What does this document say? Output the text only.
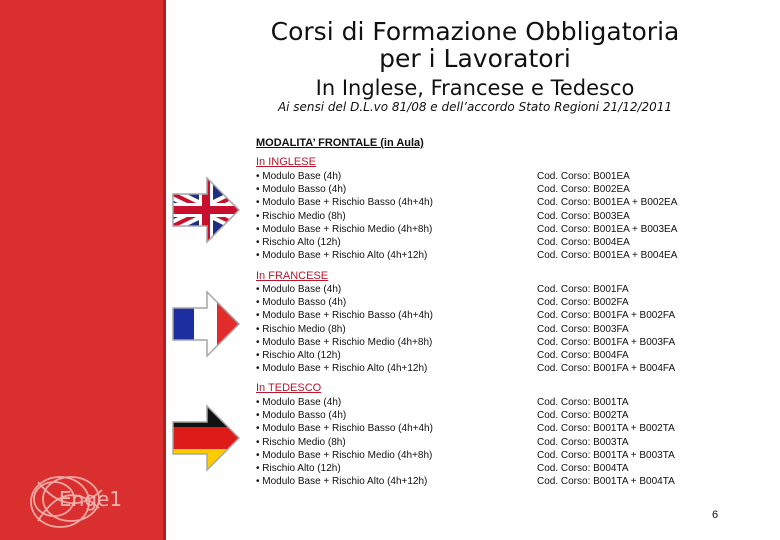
Enge1
Corsi di Formazione Obbligatoria
per i Lavoratori
In Inglese, Francese e Tedesco
Ai sensi del D.L.vo 81/08 e dell’accordo Stato Regioni 21/12/2011
MODALITA’ FRONTALE (in Aula)
In INGLESE
• Modulo Base (4h)
• Modulo Basso (4h)
• Modulo Base + Rischio Basso (4h+4h)
• Rischio Medio (8h)
• Modulo Base + Rischio Medio (4h+8h)
• Rischio Alto (12h)
• Modulo Base + Rischio Alto (4h+12h)
Cod. Corso: B001EA
Cod. Corso: B002EA
Cod. Corso: B001EA + B002EA
Cod. Corso: B003EA
Cod. Corso: B001EA + B003EA
Cod. Corso: B004EA
Cod. Corso: B001EA + B004EA
In FRANCESE
• Modulo Base (4h)
• Modulo Basso (4h)
• Modulo Base + Rischio Basso (4h+4h)
• Rischio Medio (8h)
• Modulo Base + Rischio Medio (4h+8h)
• Rischio Alto (12h)
• Modulo Base + Rischio Alto (4h+12h)
Cod. Corso: B001FA
Cod. Corso: B002FA
Cod. Corso: B001FA + B002FA
Cod. Corso: B003FA
Cod. Corso: B001FA + B003FA
Cod. Corso: B004FA
Cod. Corso: B001FA + B004FA
In TEDESCO
• Modulo Base (4h)
• Modulo Basso (4h)
• Modulo Base + Rischio Basso (4h+4h)
• Rischio Medio (8h)
• Modulo Base + Rischio Medio (4h+8h)
• Rischio Alto (12h)
• Modulo Base + Rischio Alto (4h+12h)
Cod. Corso: B001TA
Cod. Corso: B002TA
Cod. Corso: B001TA + B002TA
Cod. Corso: B003TA
Cod. Corso: B001TA + B003TA
Cod. Corso: B004TA
Cod. Corso: B001TA + B004TA
6
